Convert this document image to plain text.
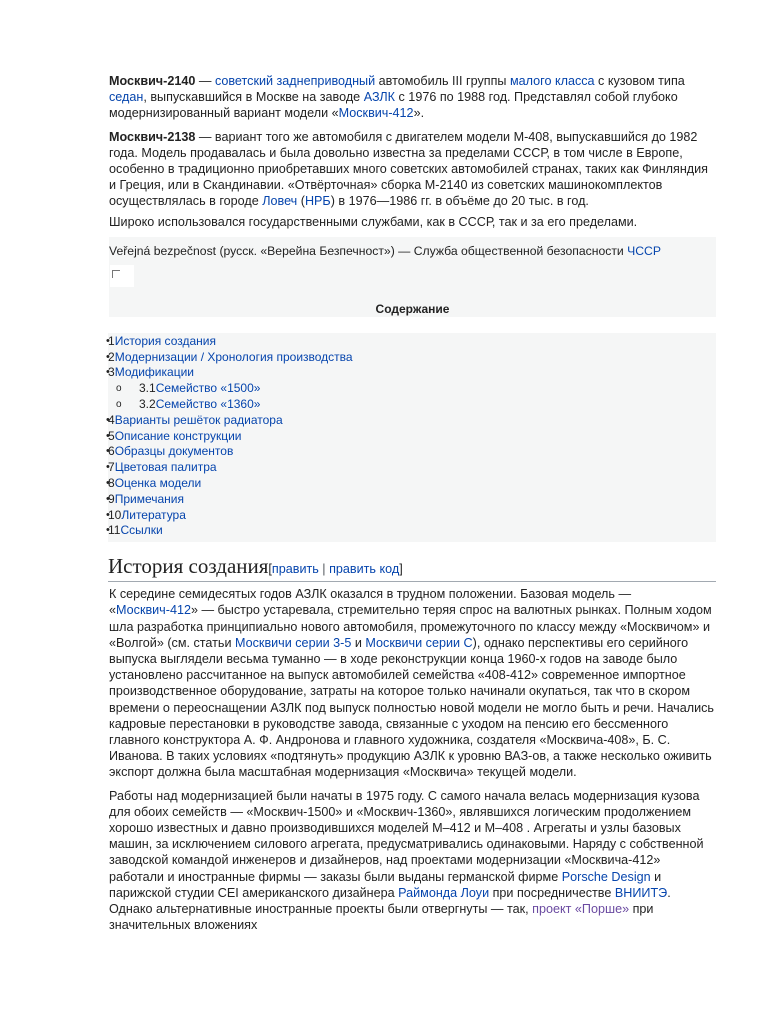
Москвич-2140 — советский заднеприводный автомобиль III группы малого класса с кузовом типа седан, выпускавшийся в Москве на заводе АЗЛК с 1976 по 1988 год. Представлял собой глубоко модернизированный вариант модели «Москвич-412».

Москвич-2138 — вариант того же автомобиля с двигателем модели М-408, выпускавшийся до 1982 года. Модель продавалась и была довольно известна за пределами СССР, в том числе в Европе, особенно в традиционно приобретавших много советских автомобилей странах, таких как Финляндия и Греция, или в Скандинавии. «Отвёрточная» сборка М-2140 из советских машинокомплектов осуществлялась в городе Ловеч (НРБ) в 1976—1986 гг. в объёме до 20 тыс. в год.

Широко использовался государственными службами, как в СССР, так и за его пределами.

Veřejná bezpečnost (русск. «Верейна Безпечност») — Служба общественной безопасности ЧССР

Содержание
• 1История создания
• 2Модернизации / Хронология производства
• 3Модификации
o 3.1Семейство «1500»
o 3.2Семейство «1360»
• 4Варианты решёток радиатора
• 5Описание конструкции
• 6Образцы документов
• 7Цветовая палитра
• 8Оценка модели
• 9Примечания
• 10Литература
• 11Ссылки
История создания[править | править код]

К середине семидесятых годов АЗЛК оказался в трудном положении. Базовая модель — «Москвич-412» — быстро устаревала, стремительно теряя спрос на валютных рынках. Полным ходом шла разработка принципиально нового автомобиля, промежуточного по классу между «Москвичом» и «Волгой» (см. статьи Москвичи серии 3-5 и Москвичи серии С), однако перспективы его серийного выпуска выглядели весьма туманно — в ходе реконструкции конца 1960-х годов на заводе было установлено рассчитанное на выпуск автомобилей семейства «408-412» современное импортное производственное оборудование, затраты на которое только начинали окупаться, так что в скором времени о переоснащении АЗЛК под выпуск полностью новой модели не могло быть и речи. Начались кадровые перестановки в руководстве завода, связанные с уходом на пенсию его бессменного главного конструктора А. Ф. Андронова и главного художника, создателя «Москвича-408», Б. С. Иванова. В таких условиях «подтянуть» продукцию АЗЛК к уровню ВАЗ-ов, а также несколько оживить экспорт должна была масштабная модернизация «Москвича» текущей модели.

Работы над модернизацией были начаты в 1975 году. С самого начала велась модернизация кузова для обоих семейств — «Москвич-1500» и «Москвич-1360», являвшихся логическим продолжением хорошо известных и давно производившихся моделей М–412 и М–408 . Агрегаты и узлы базовых машин, за исключением силового агрегата, предусматривались одинаковыми. Наряду с собственной заводской командой инженеров и дизайнеров, над проектами модернизации «Москвича-412» работали и иностранные фирмы — заказы были выданы германской фирме Porsche Design и парижской студии CEI американского дизайнера Раймонда Лоуи при посредничестве ВНИИТЭ. Однако альтернативные иностранные проекты были отвергнуты — так, проект «Порше» при значительных вложениях
